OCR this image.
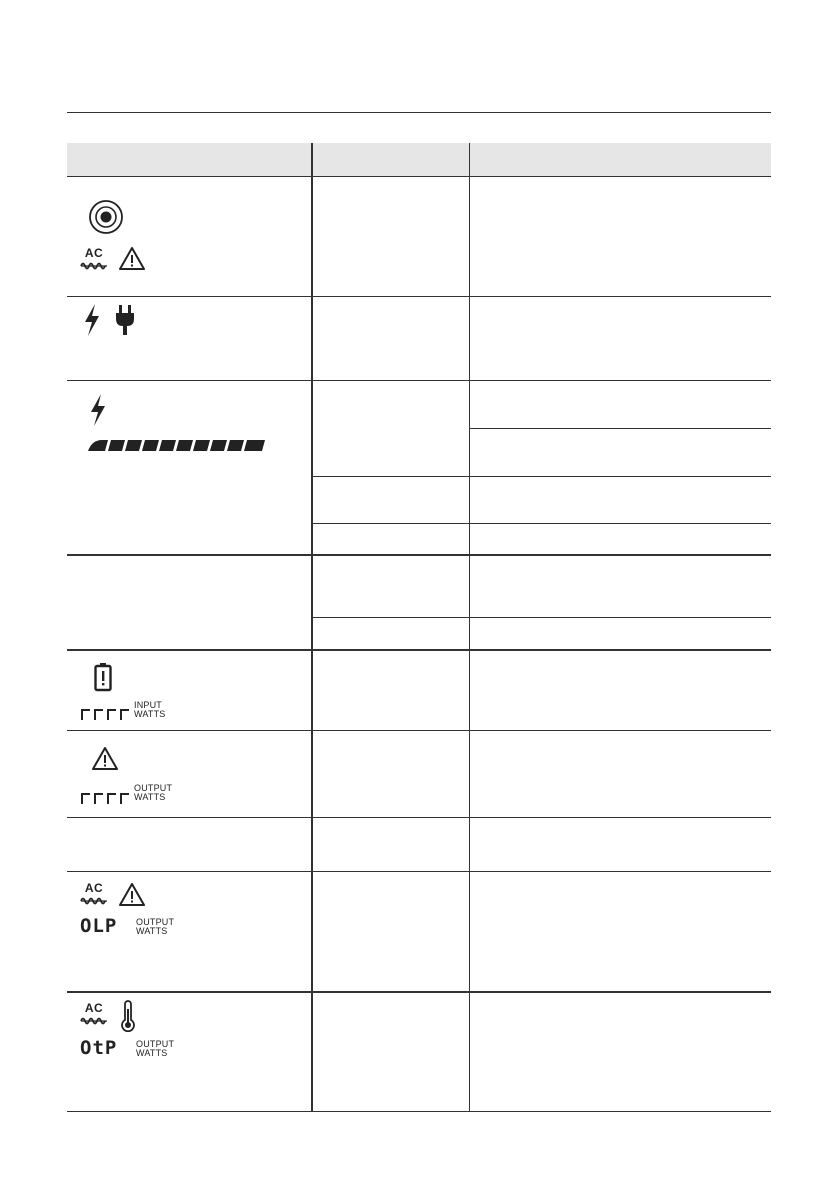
AC
INPUT
WATTS
OUTPUT
WATTS
AC
OLP OUTPUT
WATTS
AC
OtP OUTPUT
WATTS
